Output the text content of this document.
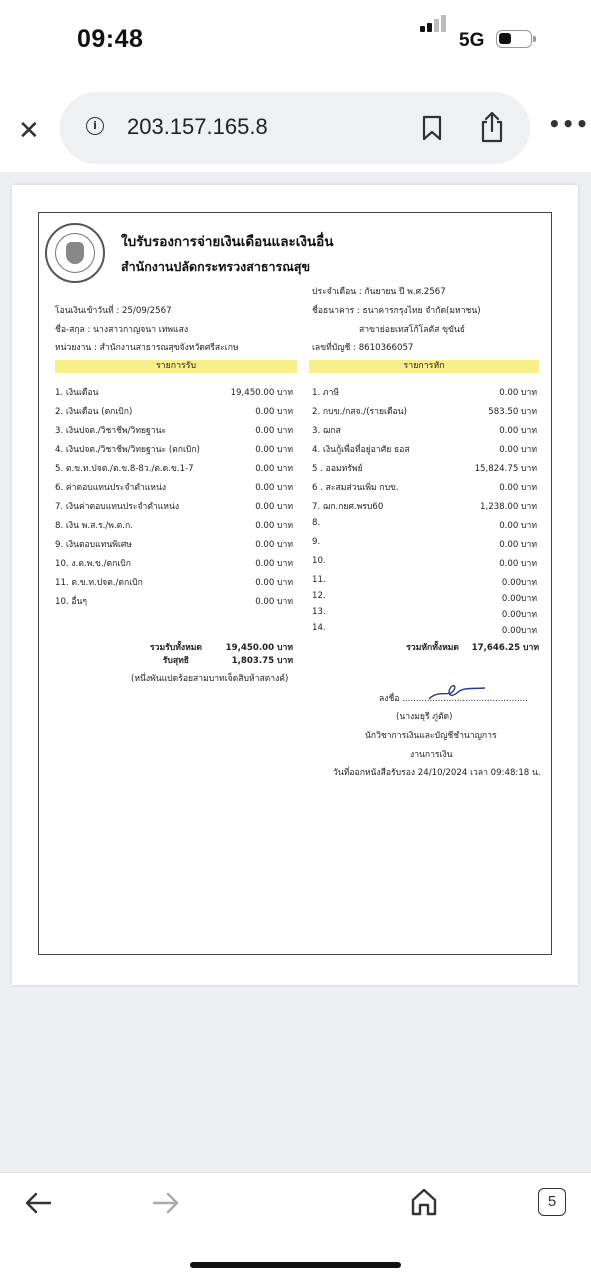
09:48	5G
✕	i	203.157.165.8	•••
ใบรับรองการจ่ายเงินเดือนและเงินอื่น
สำนักงานปลัดกระทรวงสาธารณสุข
ประจำเดือน : กันยายน ปี พ.ศ.2567
โอนเงินเข้าวันที่ : 25/09/2567	ชื่อธนาคาร : ธนาคารกรุงไทย จำกัด(มหาชน)
ชื่อ-สกุล : นางสาวกาญจนา เทพแสง	สาขาย่อยเทสโก้โลตัส ขุขันธ์
หน่วยงาน : สำนักงานสาธารณสุขจังหวัดศรีสะเกษ	เลขที่บัญชี : 8610366057
รายการรับ	รายการหัก
1. เงินเดือน	19,450.00 บาท
2. เงินเดือน (ตกเบิก)	0.00 บาท
3. เงินปจต./วิชาชีพ/วิทยฐานะ	0.00 บาท
4. เงินปจต./วิชาชีพ/วิทยฐานะ (ตกเบิก)	0.00 บาท
5. ต.ข.ท.ปจต./ต.ข.8-8ว./ต.ด.ข.1-7	0.00 บาท
6. ค่าตอบแทนประจำตำแหน่ง	0.00 บาท
7. เงินค่าตอบแทนประจำตำแหน่ง	0.00 บาท
8. เงิน พ.ส.ร./พ.ต.ก.	0.00 บาท
9. เงินตอบแทนพิเศษ	0.00 บาท
10. ง.ต.พ.ข./ตกเบิก	0.00 บาท
11. ต.ข.ท.ปจต./ตกเบิก	0.00 บาท
10. อื่นๆ	0.00 บาท
1. ภาษี	0.00 บาท
2. กบข./กสจ./(รายเดือน)	583.50 บาท
3. ฌกส	0.00 บาท
4. เงินกู้เพื่อที่อยู่อาศัย ธอส	0.00 บาท
5 . ออมทรัพย์	15,824.75 บาท
6 . สะสมส่วนเพิ่ม กบข.	0.00 บาท
7. ฌก.กยศ.พรบ60	1,238.00 บาท
8.	0.00 บาท
9.	0.00 บาท
10.	0.00 บาท
11.	0.00บาท
12.	0.00บาท
13.	0.00บาท
14.	0.00บาท
รวมรับทั้งหมด	19,450.00 บาท
รับสุทธิ	1,803.75 บาท
(หนึ่งพันแปดร้อยสามบาทเจ็ดสิบห้าสตางค์)
รวมหักทั้งหมด	17,646.25 บาท
ลงชื่อ ..............................................
(นางมยุรี ภู่ตัด)
นักวิชาการเงินและบัญชีชำนาญการ
งานการเงิน
วันที่ออกหนังสือรับรอง 24/10/2024 เวลา 09:48:18 น.
5
